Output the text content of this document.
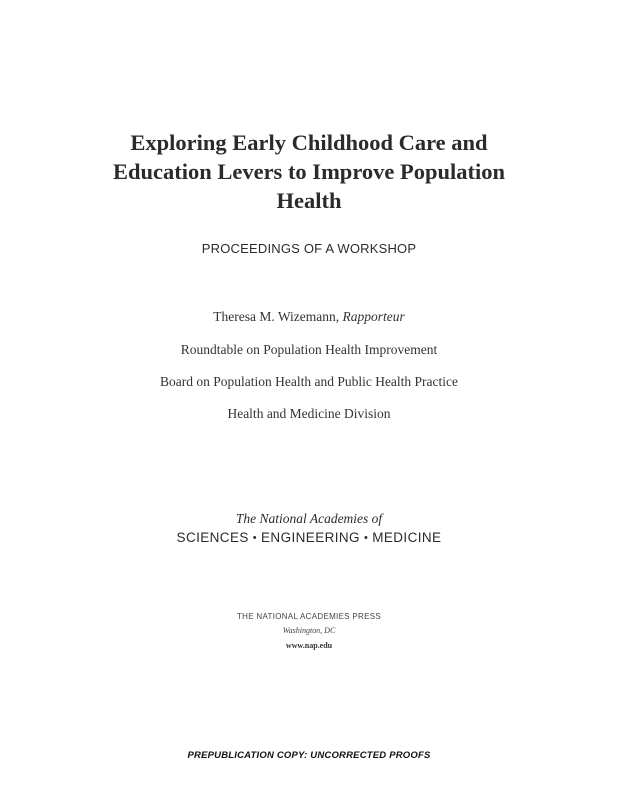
Exploring Early Childhood Care and
Education Levers to Improve Population
Health
PROCEEDINGS OF A WORKSHOP
Theresa M. Wizemann, Rapporteur
Roundtable on Population Health Improvement
Board on Population Health and Public Health Practice
Health and Medicine Division
The National Academies of
SCIENCES • ENGINEERING • MEDICINE
THE NATIONAL ACADEMIES PRESS
Washington, DC
www.nap.edu
PREPUBLICATION COPY: UNCORRECTED PROOFS
